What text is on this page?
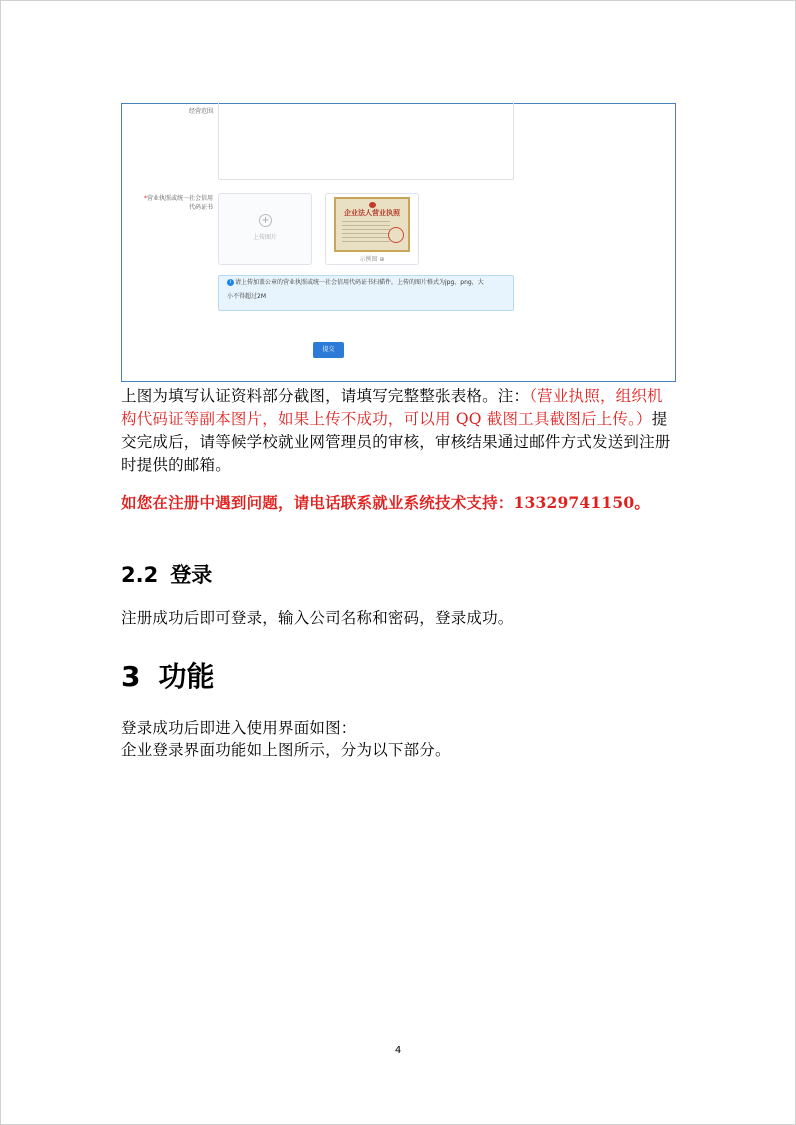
经营范围
*营业执照或统一社会信用代码证书
+
上传图片
企业法人营业执照
示例图 ⊕
i 请上传加盖公章的营业执照或统一社会信用代码证书扫描件，上传的图片格式为jpg、png，大
小不得超过2M
提交
上图为填写认证资料部分截图，请填写完整整张表格。注：（营业执照，组织机构代码证等副本图片，如果上传不成功，可以用 QQ 截图工具截图后上传。）提交完成后，请等候学校就业网管理员的审核，审核结果通过邮件方式发送到注册时提供的邮箱。
如您在注册中遇到问题，请电话联系就业系统技术支持：13329741150。
2.2 登录
注册成功后即可登录，输入公司名称和密码，登录成功。
3 功能
登录成功后即进入使用界面如图：
企业登录界面功能如上图所示，分为以下部分。
4
